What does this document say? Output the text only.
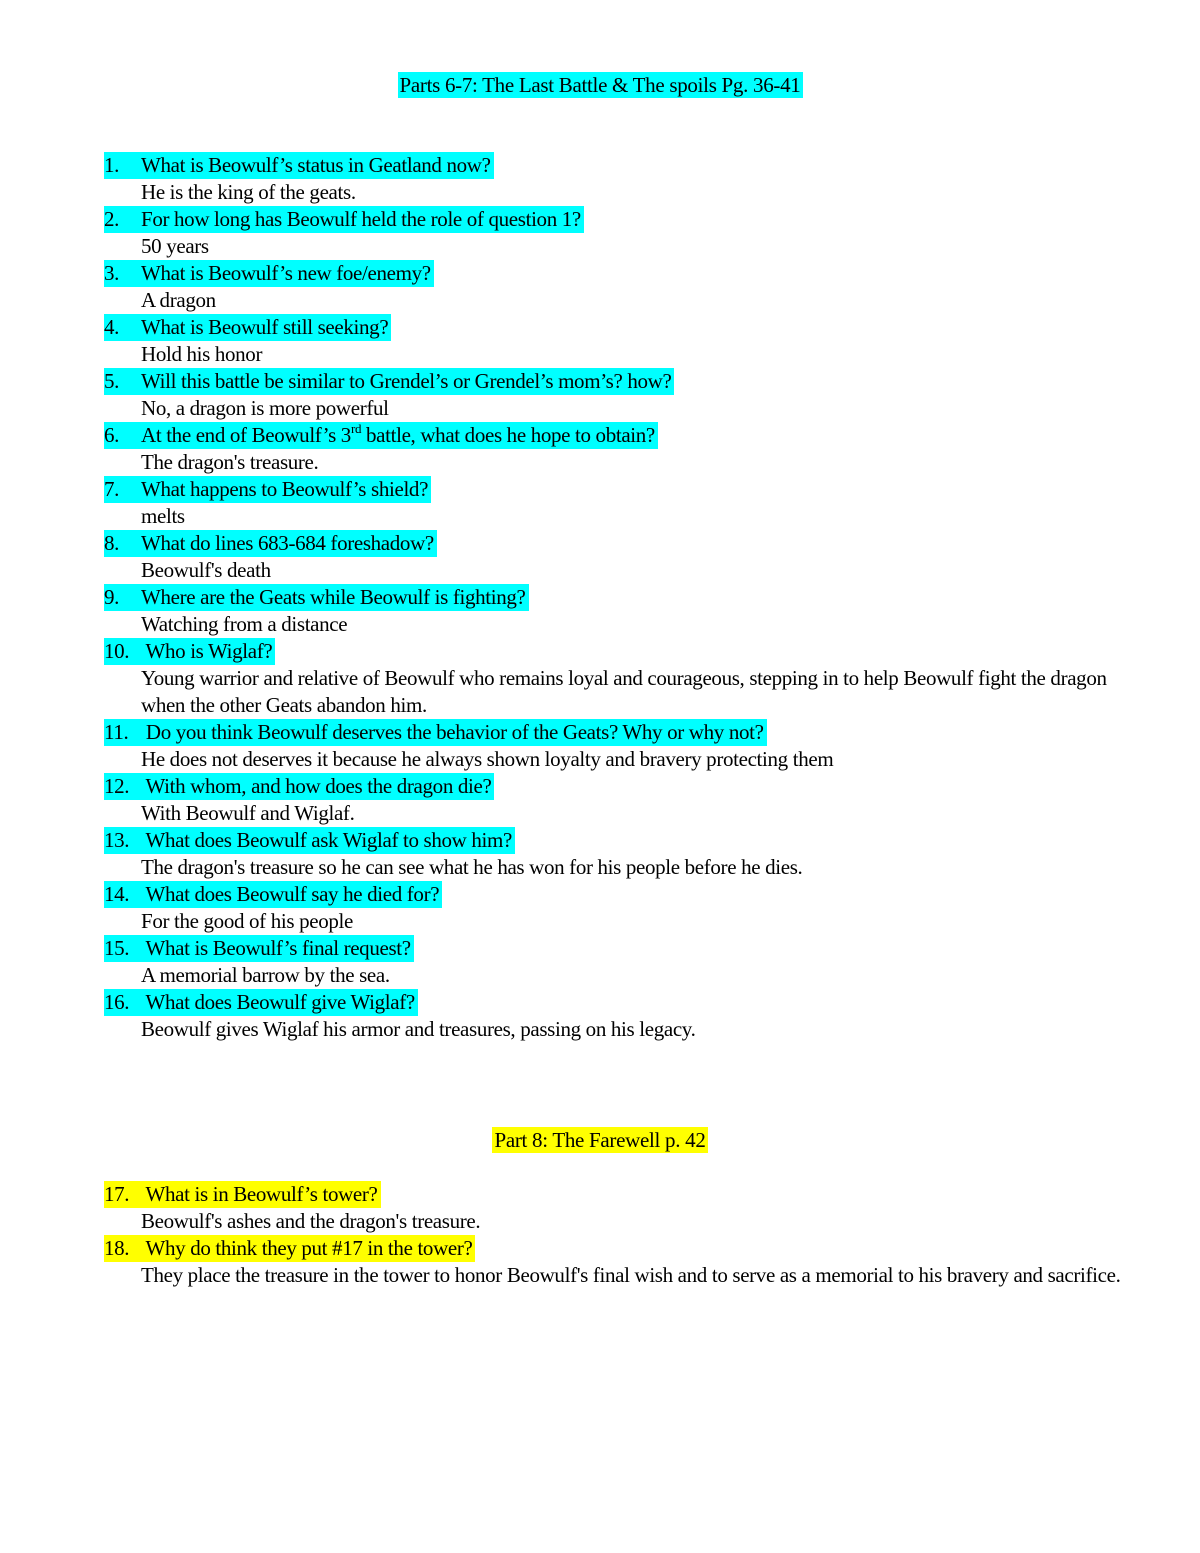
Parts 6-7: The Last Battle & The spoils Pg. 36-41
1. What is Beowulf’s status in Geatland now?
He is the king of the geats.
2. For how long has Beowulf held the role of question 1?
50 years
3. What is Beowulf’s new foe/enemy?
A dragon
4. What is Beowulf still seeking?
Hold his honor
5. Will this battle be similar to Grendel’s or Grendel’s mom’s? how?
No, a dragon is more powerful
6. At the end of Beowulf’s 3rd battle, what does he hope to obtain?
The dragon's treasure.
7. What happens to Beowulf’s shield?
melts
8. What do lines 683-684 foreshadow?
Beowulf's death
9. Where are the Geats while Beowulf is fighting?
Watching from a distance
10. Who is Wiglaf?
Young warrior and relative of Beowulf who remains loyal and courageous, stepping in to help Beowulf fight the dragon when the other Geats abandon him.
11. Do you think Beowulf deserves the behavior of the Geats? Why or why not?
He does not deserves it because he always shown loyalty and bravery protecting them
12. With whom, and how does the dragon die?
With Beowulf and Wiglaf.
13. What does Beowulf ask Wiglaf to show him?
The dragon's treasure so he can see what he has won for his people before he dies.
14. What does Beowulf say he died for?
For the good of his people
15. What is Beowulf’s final request?
A memorial barrow by the sea.
16. What does Beowulf give Wiglaf?
Beowulf gives Wiglaf his armor and treasures, passing on his legacy.
Part 8: The Farewell p. 42
17. What is in Beowulf’s tower?
Beowulf's ashes and the dragon's treasure.
18. Why do think they put #17 in the tower?
They place the treasure in the tower to honor Beowulf's final wish and to serve as a memorial to his bravery and sacrifice.
